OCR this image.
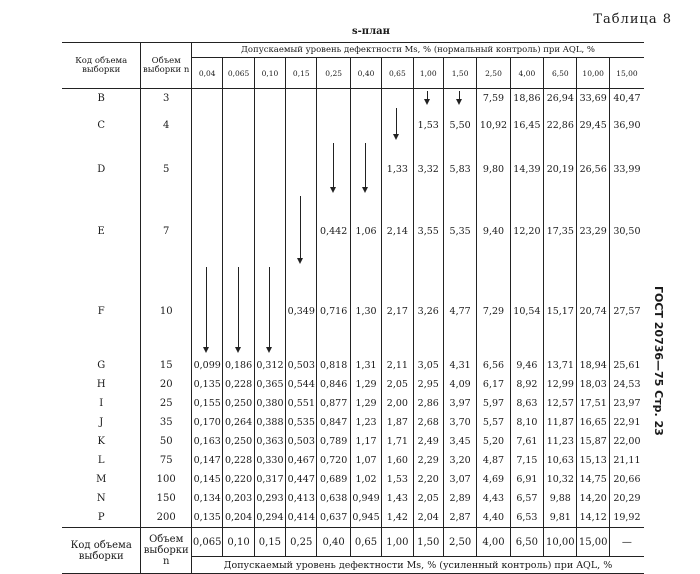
Таблица 8
s-план
Код объема выборки	Объем выборки n	Допускаемый уровень дефектности Ms, % (нормальный контроль) при AQL, %													
		0,04	0,065	0,10	0,15	0,25	0,40	0,65	1,00	1,50	2,50	4,00	6,50	10,00	15,00
B	3										7,59	18,86	26,94	33,69	40,47
C	4								1,53	5,50	10,92	16,45	22,86	29,45	36,90
D	5							1,33	3,32	5,83	9,80	14,39	20,19	26,56	33,99
E	7					0,442	1,06	2,14	3,55	5,35	9,40	12,20	17,35	23,29	30,50
F	10				0,349	0,716	1,30	2,17	3,26	4,77	7,29	10,54	15,17	20,74	27,57
G	15	0,099	0,186	0,312	0,503	0,818	1,31	2,11	3,05	4,31	6,56	9,46	13,71	18,94	25,61
H	20	0,135	0,228	0,365	0,544	0,846	1,29	2,05	2,95	4,09	6,17	8,92	12,99	18,03	24,53
I	25	0,155	0,250	0,380	0,551	0,877	1,29	2,00	2,86	3,97	5,97	8,63	12,57	17,51	23,97
J	35	0,170	0,264	0,388	0,535	0,847	1,23	1,87	2,68	3,70	5,57	8,10	11,87	16,65	22,91
K	50	0,163	0,250	0,363	0,503	0,789	1,17	1,71	2,49	3,45	5,20	7,61	11,23	15,87	22,00
L	75	0,147	0,228	0,330	0,467	0,720	1,07	1,60	2,29	3,20	4,87	7,15	10,63	15,13	21,11
M	100	0,145	0,220	0,317	0,447	0,689	1,02	1,53	2,20	3,07	4,69	6,91	10,32	14,75	20,66
N	150	0,134	0,203	0,293	0,413	0,638	0,949	1,43	2,05	2,89	4,43	6,57	9,88	14,20	20,29
P	200	0,135	0,204	0,294	0,414	0,637	0,945	1,42	2,04	2,87	4,40	6,53	9,81	14,12	19,92
Код объема выборки	Объем выборки n	0,065	0,10	0,15	0,25	0,40	0,65	1,00	1,50	2,50	4,00	6,50	10,00	15,00	—
		Допускаемый уровень дефектности Ms, % (усиленный контроль) при AQL, %													
ГОСТ 20736—75 Стр. 23
